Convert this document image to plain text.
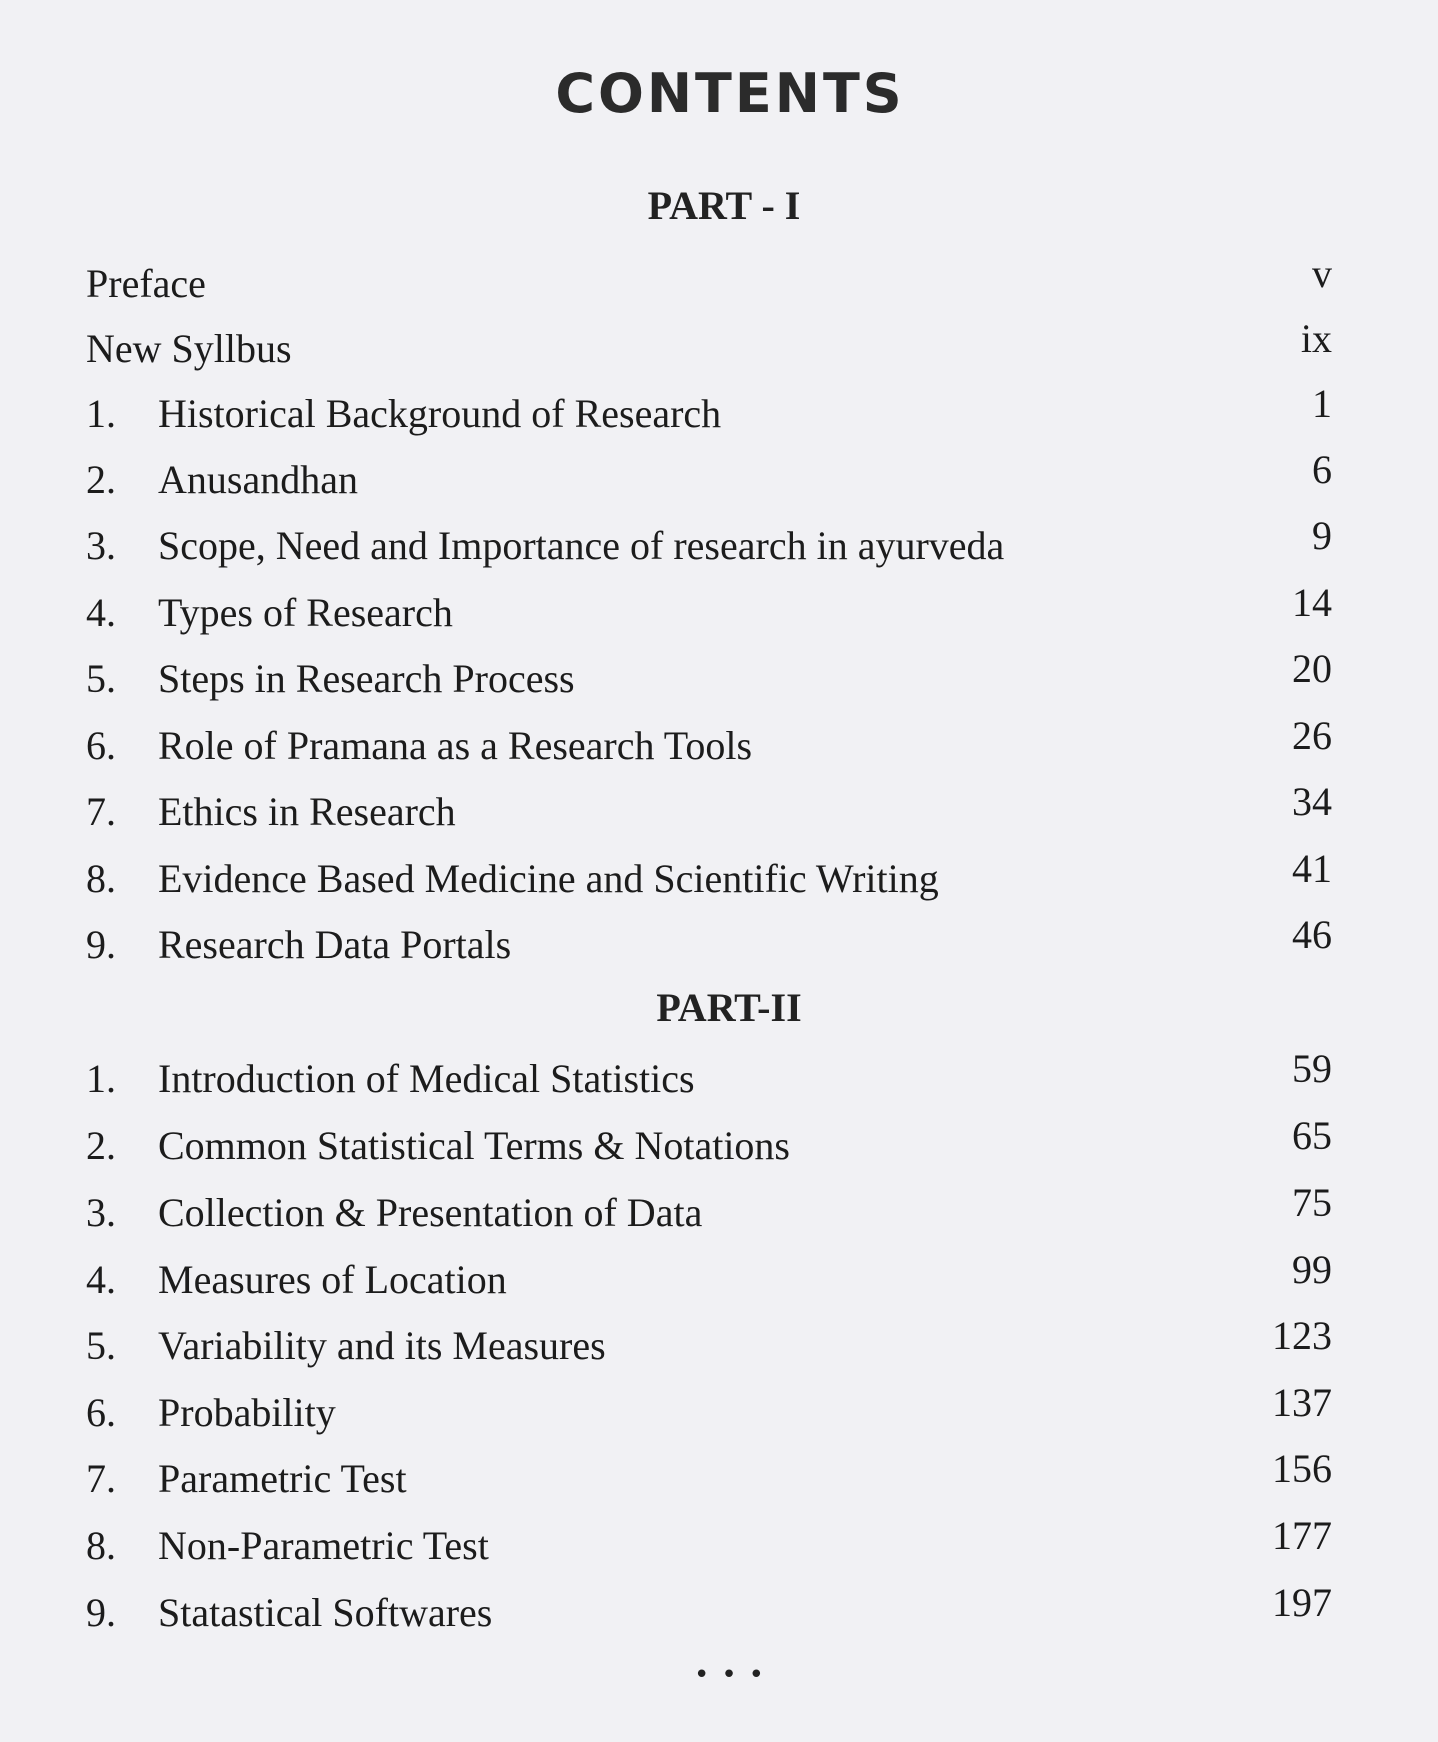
CONTENTS
PART - I
Preface	v
New Syllbus	ix
1. Historical Background of Research	1
2. Anusandhan	6
3. Scope, Need and Importance of research in ayurveda	9
4. Types of Research	14
5. Steps in Research Process	20
6. Role of Pramana as a Research Tools	26
7. Ethics in Research	34
8. Evidence Based Medicine and Scientific Writing	41
9. Research Data Portals	46
PART-II
1. Introduction of Medical Statistics	59
2. Common Statistical Terms & Notations	65
3. Collection & Presentation of Data	75
4. Measures of Location	99
5. Variability and its Measures	123
6. Probability	137
7. Parametric Test	156
8. Non-Parametric Test	177
9. Statastical Softwares	197
•••
